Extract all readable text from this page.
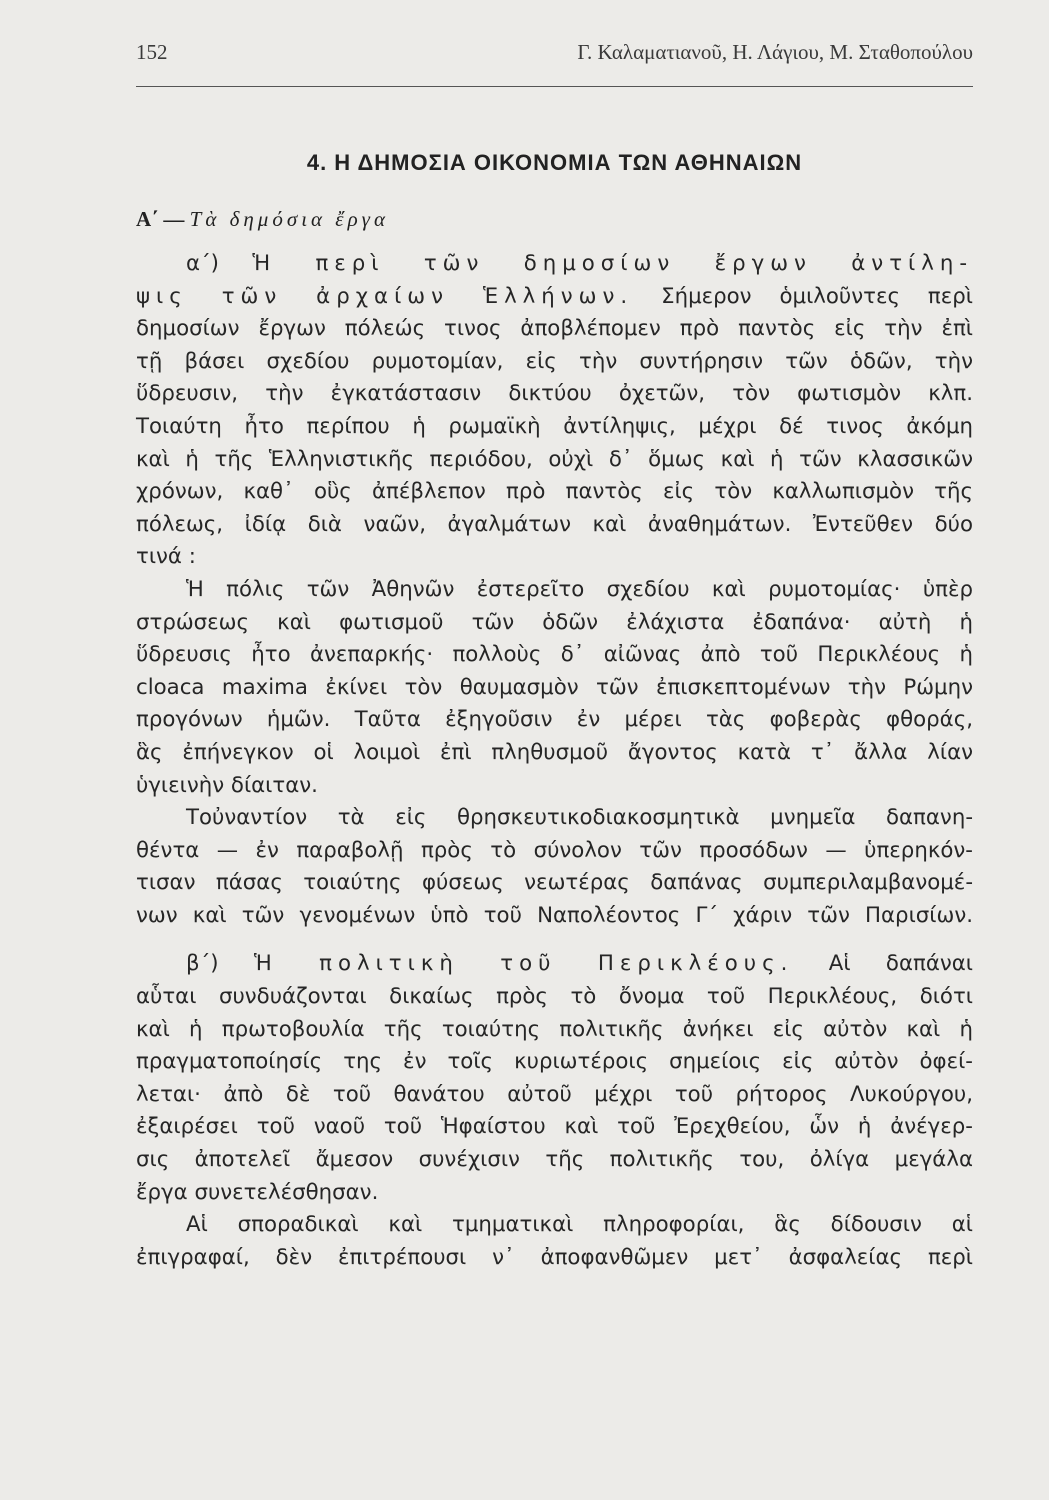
152	Γ. Καλαματιανοῦ, Η. Λάγιου, Μ. Σταθοπούλου
4. Η ΔΗΜΟΣΙΑ ΟΙΚΟΝΟΜΙΑ ΤΩΝ ΑΘΗΝΑΙΩΝ
Α΄ — Τὰ δημόσια ἔργα
α΄) Ἡ περὶ τῶν δημοσίων ἔργων ἀντίλη-
ψις τῶν ἀρχαίων Ἑλλήνων. Σήμερον ὁμιλοῦντες περὶ
δημοσίων ἔργων πόλεώς τινος ἀποβλέπομεν πρὸ παντὸς εἰς τὴν ἐπὶ
τῇ βάσει σχεδίου ρυμοτομίαν, εἰς τὴν συντήρησιν τῶν ὁδῶν, τὴν
ὕδρευσιν, τὴν ἐγκατάστασιν δικτύου ὀχετῶν, τὸν φωτισμὸν κλπ.
Τοιαύτη ἦτο περίπου ἡ ρωμαϊκὴ ἀντίληψις, μέχρι δέ τινος ἀκόμη
καὶ ἡ τῆς Ἑλληνιστικῆς περιόδου, οὐχὶ δ᾽ ὅμως καὶ ἡ τῶν κλασσικῶν
χρόνων, καθ᾽ οὓς ἀπέβλεπον πρὸ παντὸς εἰς τὸν καλλωπισμὸν τῆς
πόλεως, ἰδίᾳ διὰ ναῶν, ἀγαλμάτων καὶ ἀναθημάτων. Ἐντεῦθεν δύο
τινά :
Ἡ πόλις τῶν Ἀθηνῶν ἐστερεῖτο σχεδίου καὶ ρυμοτομίας· ὑπὲρ
στρώσεως καὶ φωτισμοῦ τῶν ὁδῶν ἐλάχιστα ἐδαπάνα· αὐτὴ ἡ
ὕδρευσις ἦτο ἀνεπαρκής· πολλοὺς δ᾽ αἰῶνας ἀπὸ τοῦ Περικλέους ἡ
cloaca maxima ἐκίνει τὸν θαυμασμὸν τῶν ἐπισκεπτομένων τὴν Ρώμην
προγόνων ἡμῶν. Ταῦτα ἐξηγοῦσιν ἐν μέρει τὰς φοβερὰς φθοράς,
ἃς ἐπήνεγκον οἱ λοιμοὶ ἐπὶ πληθυσμοῦ ἄγοντος κατὰ τ᾽ ἄλλα λίαν
ὑγιεινὴν δίαιταν.
Τοὐναντίον τὰ εἰς θρησκευτικοδιακοσμητικὰ μνημεῖα δαπανη-
θέντα — ἐν παραβολῇ πρὸς τὸ σύνολον τῶν προσόδων — ὑπερηκόν-
τισαν πάσας τοιαύτης φύσεως νεωτέρας δαπάνας συμπεριλαμβανομέ-
νων καὶ τῶν γενομένων ὑπὸ τοῦ Ναπολέοντος Γ΄ χάριν τῶν Παρισίων.
β΄) Ἡ πολιτικὴ τοῦ Περικλέους. Αἱ δαπάναι
αὗται συνδυάζονται δικαίως πρὸς τὸ ὄνομα τοῦ Περικλέους, διότι
καὶ ἡ πρωτοβουλία τῆς τοιαύτης πολιτικῆς ἀνήκει εἰς αὐτὸν καὶ ἡ
πραγματοποίησίς της ἐν τοῖς κυριωτέροις σημείοις εἰς αὐτὸν ὀφεί-
λεται· ἀπὸ δὲ τοῦ θανάτου αὐτοῦ μέχρι τοῦ ρήτορος Λυκούργου,
ἐξαιρέσει τοῦ ναοῦ τοῦ Ἡφαίστου καὶ τοῦ Ἐρεχθείου, ὧν ἡ ἀνέγερ-
σις ἀποτελεῖ ἄμεσον συνέχισιν τῆς πολιτικῆς του, ὀλίγα μεγάλα
ἔργα συνετελέσθησαν.
Αἱ σποραδικαὶ καὶ τμηματικαὶ πληροφορίαι, ἃς δίδουσιν αἱ
ἐπιγραφαί, δὲν ἐπιτρέπουσι ν᾽ ἀποφανθῶμεν μετ᾽ ἀσφαλείας περὶ
